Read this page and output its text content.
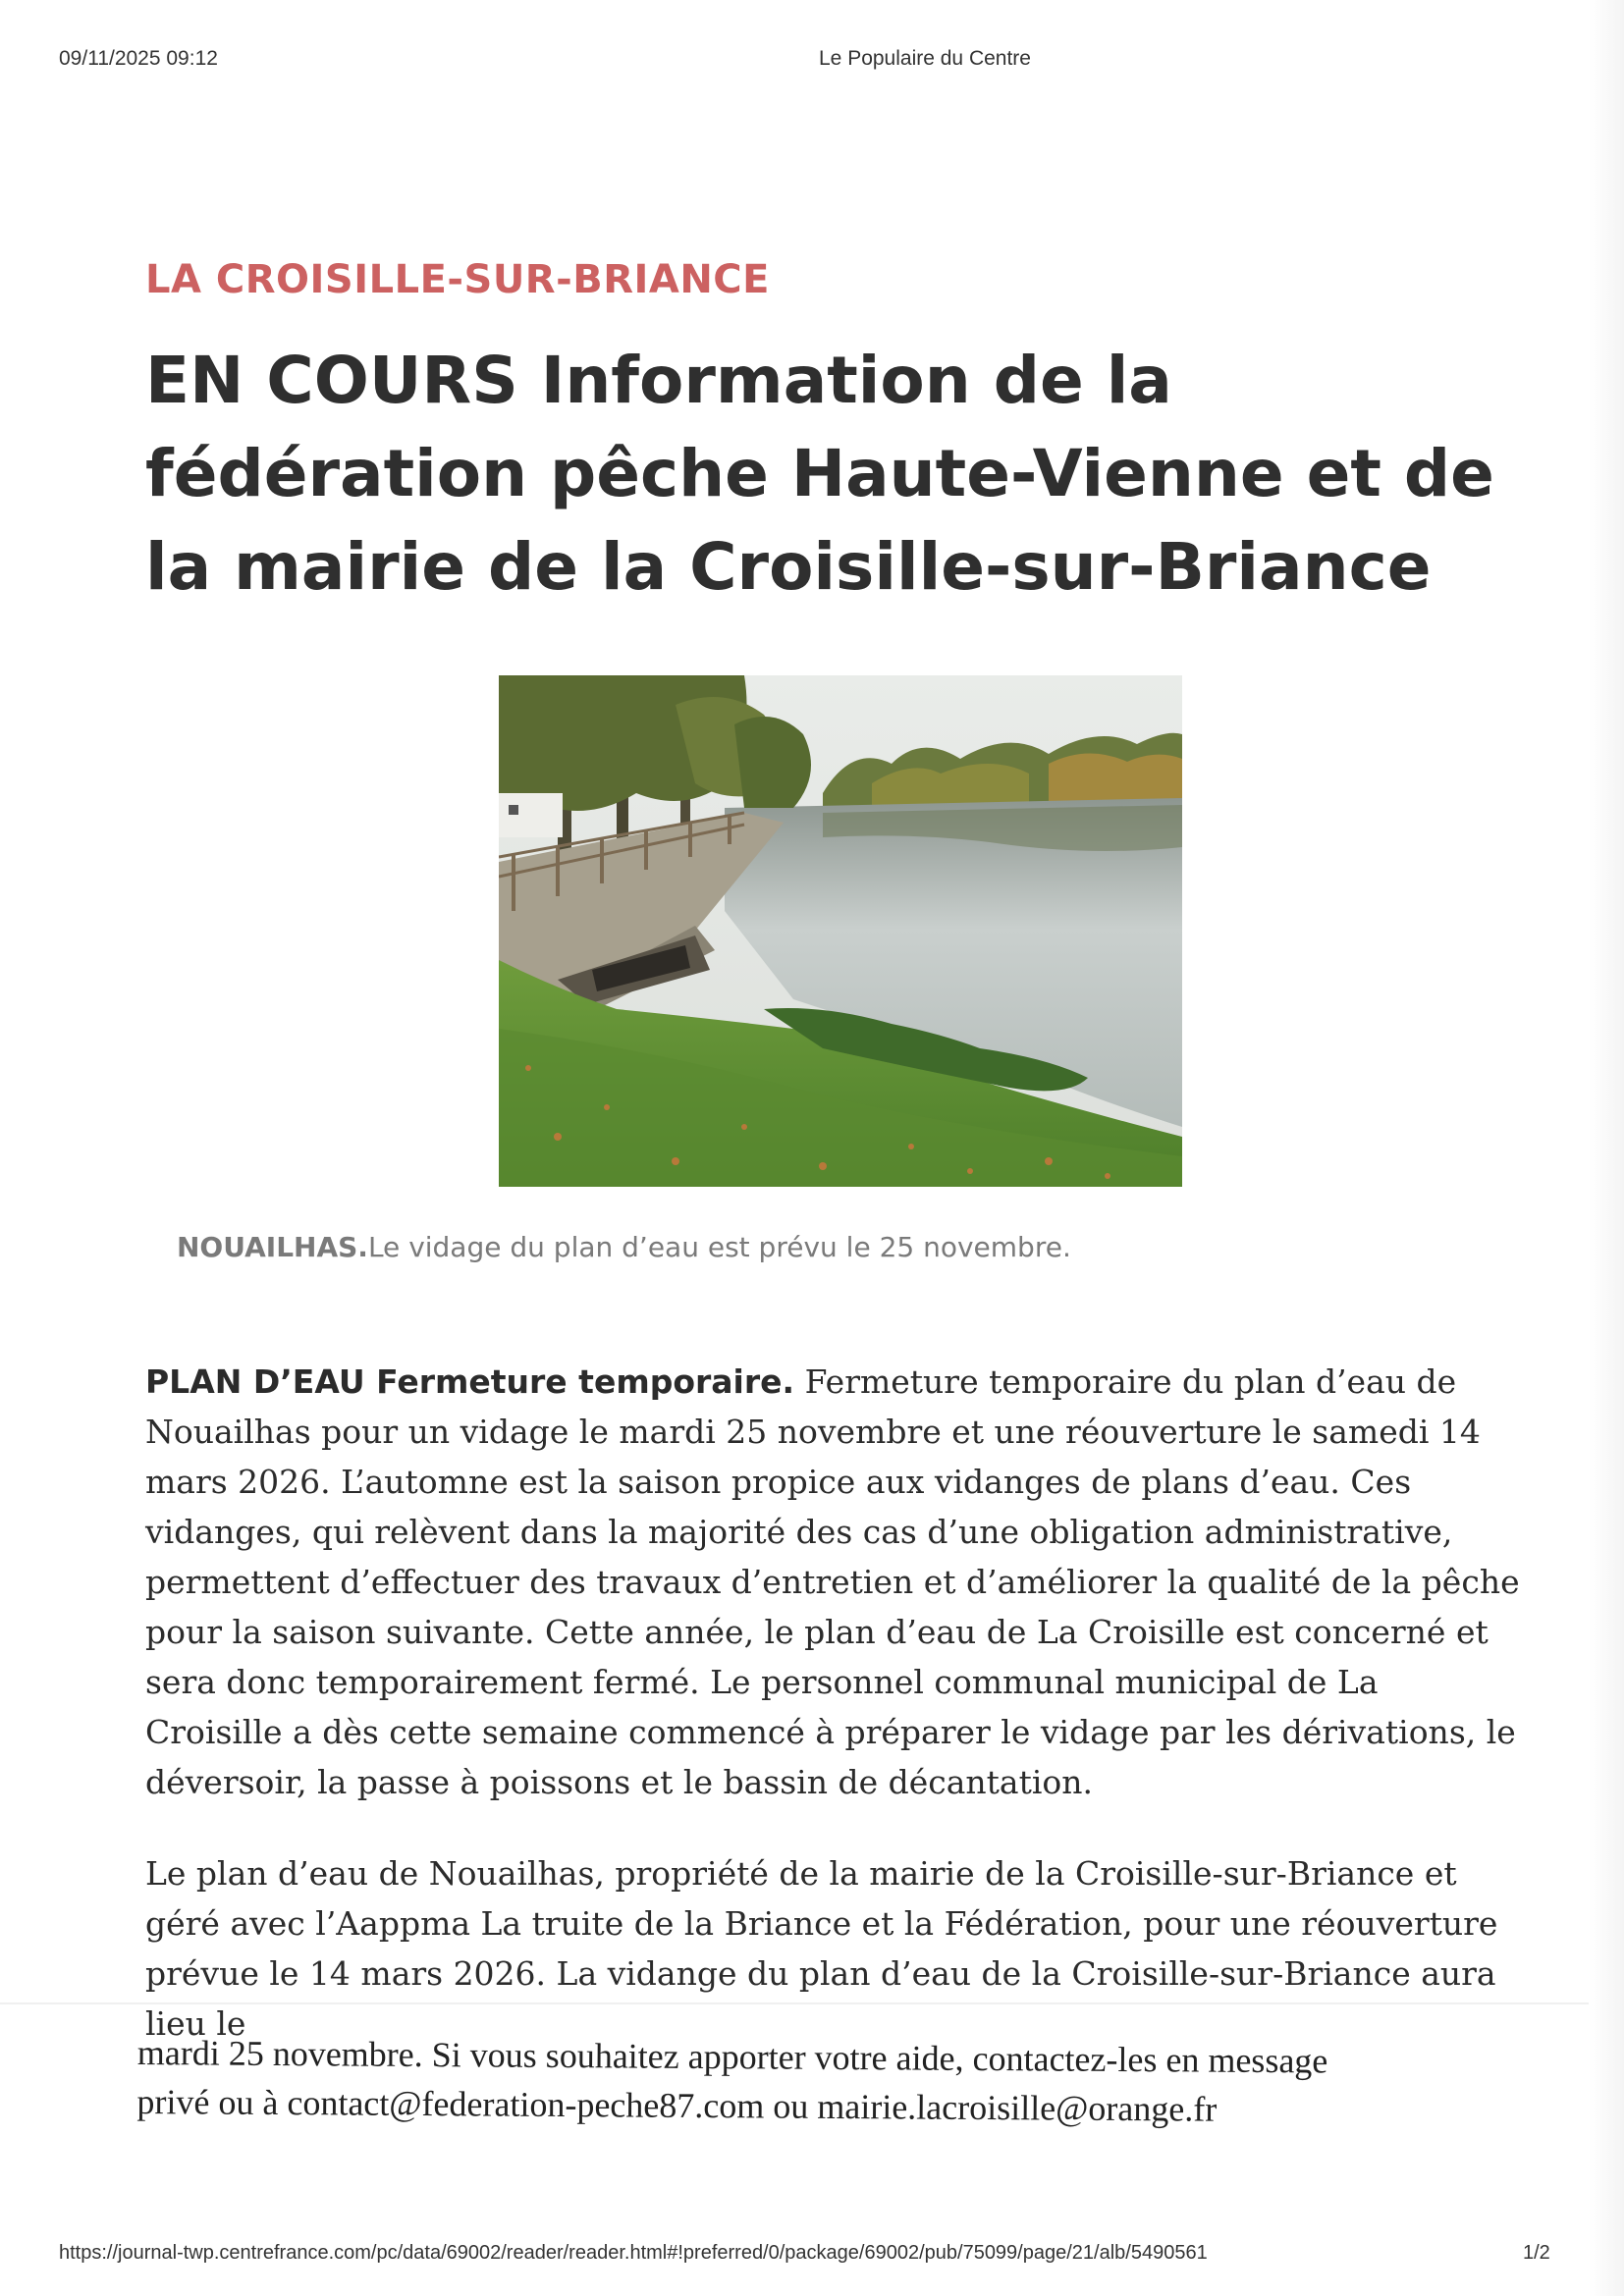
09/11/2025 09:12	Le Populaire du Centre
LA CROISILLE-SUR-BRIANCE
EN COURS Information de la fédération pêche Haute-Vienne et de la mairie de la Croisille-sur-Briance
NOUAILHAS.Le vidage du plan d’eau est prévu le 25 novembre.

PLAN D’EAU Fermeture temporaire. Fermeture temporaire du plan d’eau de Nouailhas pour un vidage le mardi 25 novembre et une réouverture le samedi 14 mars 2026. L’automne est la saison propice aux vidanges de plans d’eau. Ces vidanges, qui relèvent dans la majorité des cas d’une obligation administrative, permettent d’effectuer des travaux d’entretien et d’améliorer la qualité de la pêche pour la saison suivante. Cette année, le plan d’eau de La Croisille est concerné et sera donc temporairement fermé. Le personnel communal municipal de La Croisille a dès cette semaine commencé à préparer le vidage par les dérivations, le déversoir, la passe à poissons et le bassin de décantation.

Le plan d’eau de Nouailhas, propriété de la mairie de la Croisille-sur-Briance et géré avec l’Aappma La truite de la Briance et la Fédération, pour une réouverture prévue le 14 mars 2026. La vidange du plan d’eau de la Croisille-sur-Briance aura lieu le

mardi 25 novembre. Si vous souhaitez apporter votre aide, contactez-les en message
privé ou à contact@federation-peche87.com ou mairie.lacroisille@orange.fr
https://journal-twp.centrefrance.com/pc/data/69002/reader/reader.html#!preferred/0/package/69002/pub/75099/page/21/alb/5490561	1/2
